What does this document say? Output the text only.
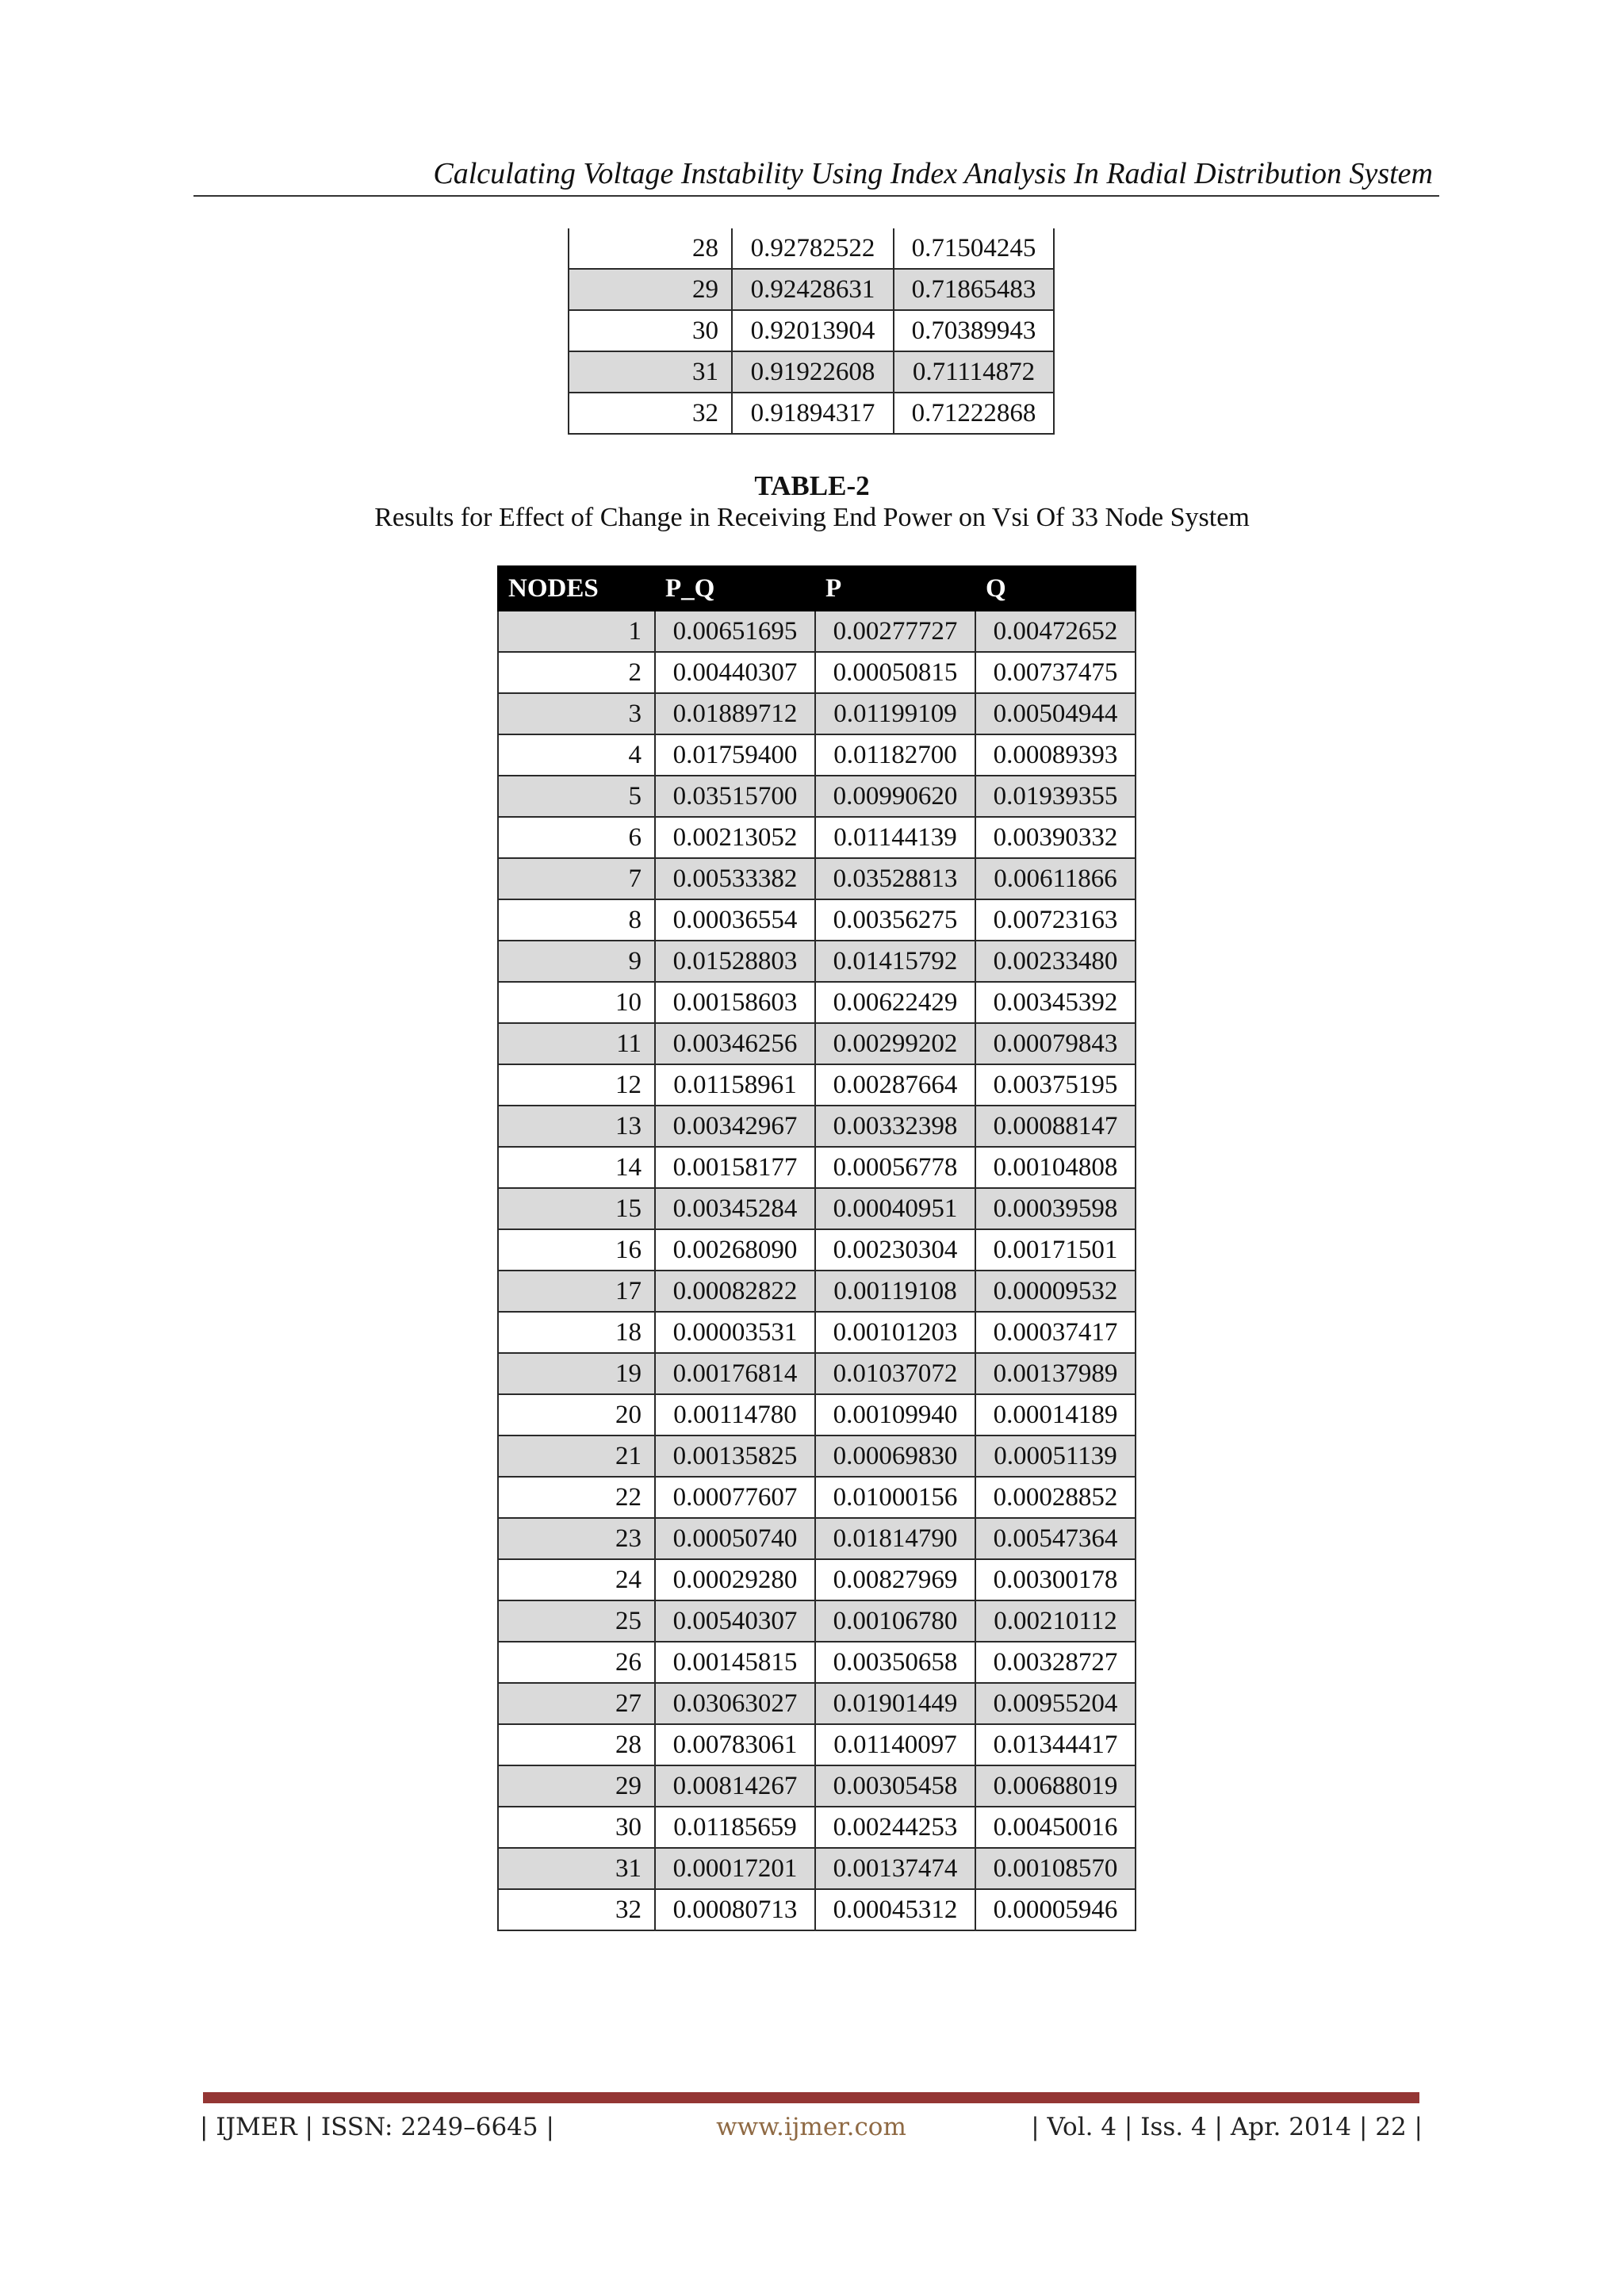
Calculating Voltage Instability Using Index Analysis In Radial Distribution System
28	0.92782522	0.71504245
29	0.92428631	0.71865483
30	0.92013904	0.70389943
31	0.91922608	0.71114872
32	0.91894317	0.71222868
TABLE-2
Results for Effect of Change in Receiving End Power on Vsi Of 33 Node System
NODES	P_Q	P	Q
1	0.00651695	0.00277727	0.00472652
2	0.00440307	0.00050815	0.00737475
3	0.01889712	0.01199109	0.00504944
4	0.01759400	0.01182700	0.00089393
5	0.03515700	0.00990620	0.01939355
6	0.00213052	0.01144139	0.00390332
7	0.00533382	0.03528813	0.00611866
8	0.00036554	0.00356275	0.00723163
9	0.01528803	0.01415792	0.00233480
10	0.00158603	0.00622429	0.00345392
11	0.00346256	0.00299202	0.00079843
12	0.01158961	0.00287664	0.00375195
13	0.00342967	0.00332398	0.00088147
14	0.00158177	0.00056778	0.00104808
15	0.00345284	0.00040951	0.00039598
16	0.00268090	0.00230304	0.00171501
17	0.00082822	0.00119108	0.00009532
18	0.00003531	0.00101203	0.00037417
19	0.00176814	0.01037072	0.00137989
20	0.00114780	0.00109940	0.00014189
21	0.00135825	0.00069830	0.00051139
22	0.00077607	0.01000156	0.00028852
23	0.00050740	0.01814790	0.00547364
24	0.00029280	0.00827969	0.00300178
25	0.00540307	0.00106780	0.00210112
26	0.00145815	0.00350658	0.00328727
27	0.03063027	0.01901449	0.00955204
28	0.00783061	0.01140097	0.01344417
29	0.00814267	0.00305458	0.00688019
30	0.01185659	0.00244253	0.00450016
31	0.00017201	0.00137474	0.00108570
32	0.00080713	0.00045312	0.00005946
| IJMER | ISSN: 2249–6645 |	www.ijmer.com	| Vol. 4 | Iss. 4 | Apr. 2014 | 22 |
